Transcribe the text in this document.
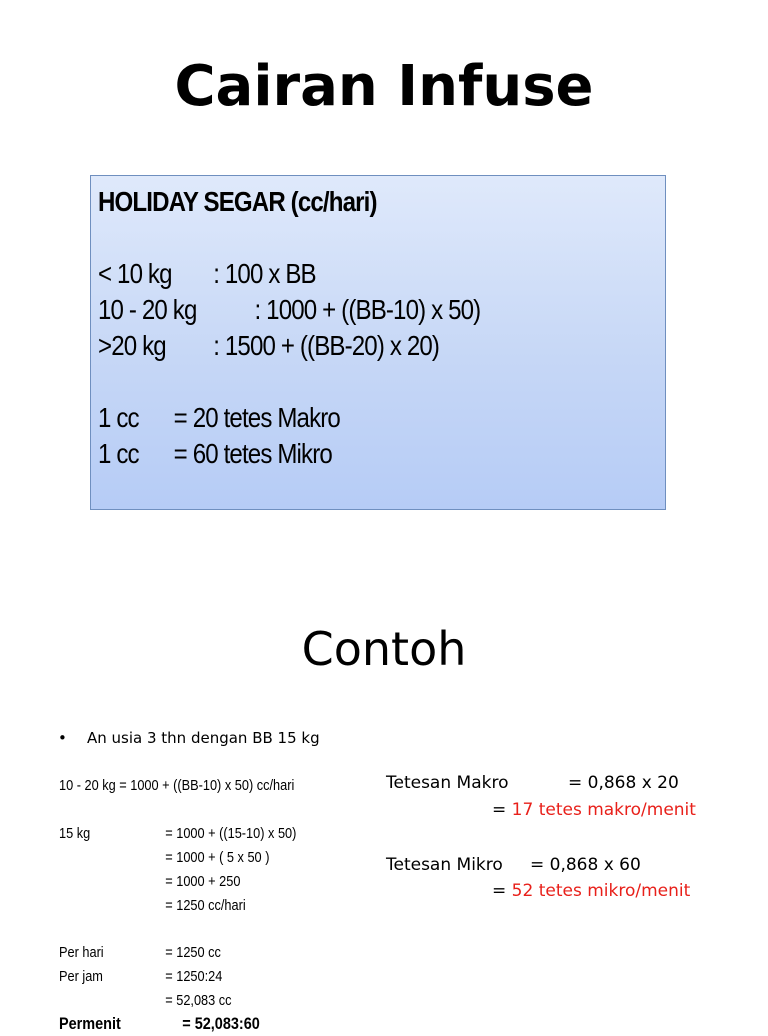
Cairan Infuse
HOLIDAY SEGAR (cc/hari)
< 10 kg : 100 x BB
10 - 20 kg : 1000 + ((BB-10) x 50)
>20 kg : 1500 + ((BB-20) x 20)
1 cc = 20 tetes Makro
1 cc = 60 tetes Mikro
Contoh
• An usia 3 thn dengan BB 15 kg
10 - 20 kg = 1000 + ((BB-10) x 50) cc/hari
15 kg	= 1000 + ((15-10) x 50)
= 1000 + ( 5 x 50 )
= 1000 + 250
= 1250 cc/hari
Per hari	= 1250 cc
Per jam	= 1250:24
= 52,083 cc
Permenit	= 52,083:60
Tetesan Makro	= 0,868 x 20
= 17 tetes makro/menit
Tetesan Mikro = 0,868 x 60
= 52 tetes mikro/menit
